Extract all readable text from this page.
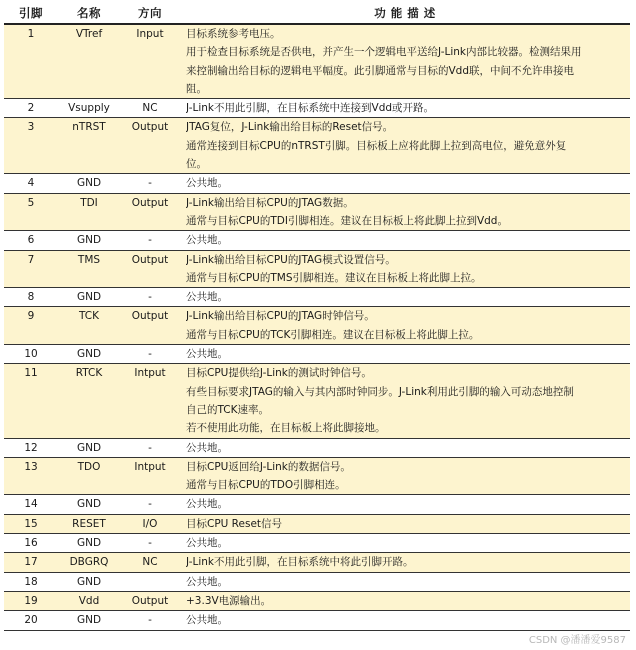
引脚	名称	方向	功 能 描 述
1	VTref	Input	目标系统参考电压。
用于检查目标系统是否供电，并产生一个逻辑电平送给J-Link内部比较器。检测结果用
来控制输出给目标的逻辑电平幅度。此引脚通常与目标的Vdd联，中间不允许串接电
阻。

2	Vsupply	NC	J-Link不用此引脚，在目标系统中连接到Vdd或开路。

3	nTRST	Output	JTAG复位，J-Link输出给目标的Reset信号。
通常连接到目标CPU的nTRST引脚。目标板上应将此脚上拉到高电位，避免意外复
位。

4	GND	-	公共地。

5	TDI	Output	J-Link输出给目标CPU的JTAG数据。
通常与目标CPU的TDI引脚相连。建议在目标板上将此脚上拉到Vdd。

6	GND	-	公共地。

7	TMS	Output	J-Link输出给目标CPU的JTAG模式设置信号。
通常与目标CPU的TMS引脚相连。建议在目标板上将此脚上拉。

8	GND	-	公共地。

9	TCK	Output	J-Link输出给目标CPU的JTAG时钟信号。
通常与目标CPU的TCK引脚相连。建议在目标板上将此脚上拉。

10	GND	-	公共地。

11	RTCK	Intput	目标CPU提供给J-Link的测试时钟信号。
有些目标要求JTAG的输入与其内部时钟同步。J-Link利用此引脚的输入可动态地控制
自己的TCK速率。
若不使用此功能，在目标板上将此脚接地。

12	GND	-	公共地。

13	TDO	Intput	目标CPU返回给J-Link的数据信号。
通常与目标CPU的TDO引脚相连。

14	GND	-	公共地。

15	RESET	I/O	目标CPU Reset信号

16	GND	-	公共地。

17	DBGRQ	NC	J-Link不用此引脚，在目标系统中将此引脚开路。

18	GND		公共地。

19	Vdd	Output	+3.3V电源输出。

20	GND	-	公共地。
CSDN @潘潘爱9587
